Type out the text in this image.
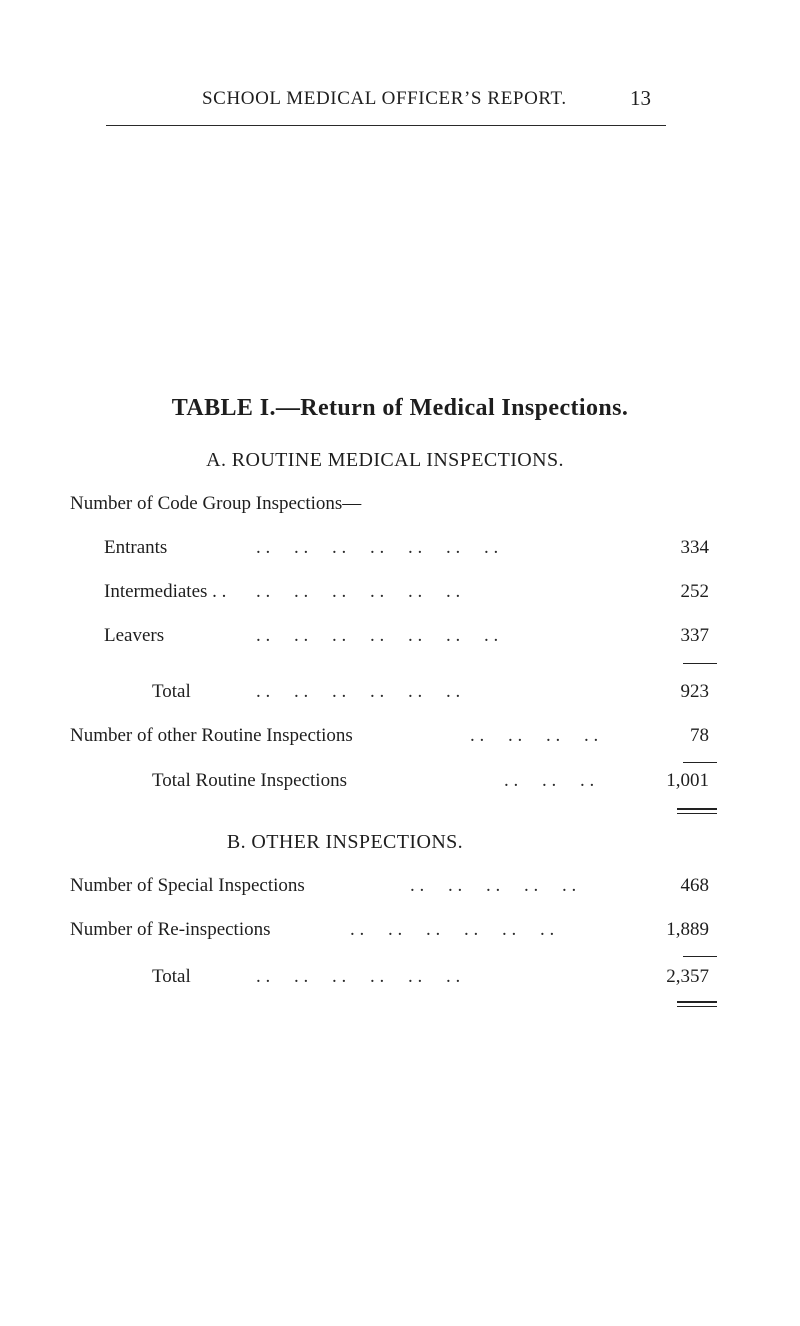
SCHOOL MEDICAL OFFICER’S REPORT.	13
TABLE I.—Return of Medical Inspections.
A. ROUTINE MEDICAL INSPECTIONS.
Number of Code Group Inspections—
Entrants	. .     . .     . .     . .     . .     . .     . .	334
Intermediates . . . .     . .     . .     . .     . .     . .	252
Leavers	. .     . .     . .     . .     . .     . .     . .	337
Total	. .     . .     . .     . .     . .     . .	923
Number of other Routine Inspections	. .     . .     . .     . .	78
Total Routine Inspections	. .     . .     . .	1,001
B. OTHER INSPECTIONS.
Number of Special Inspections	. .     . .     . .     . .     . .	468
Number of Re-inspections	. .     . .     . .     . .     . .     . .	1,889
Total	. .     . .     . .     . .     . .     . .	2,357
